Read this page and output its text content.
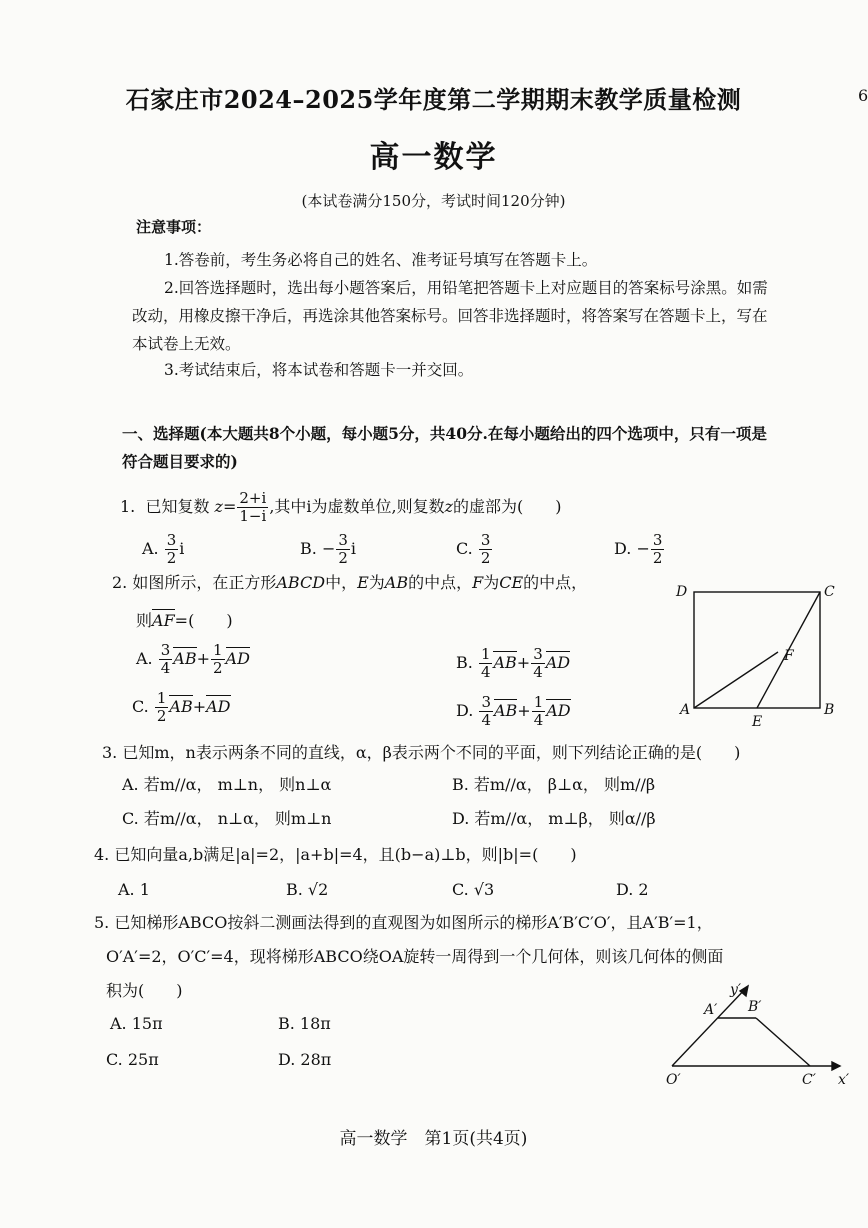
石家庄市2024–2025学年度第二学期期末教学质量检测	6
高一数学
(本试卷满分150分，考试时间120分钟)
注意事项：
1.答卷前，考生务必将自己的姓名、准考证号填写在答题卡上。
2.回答选择题时，选出每小题答案后，用铅笔把答题卡上对应题目的答案标号涂黑。如需
改动，用橡皮擦干净后，再选涂其他答案标号。回答非选择题时，将答案写在答题卡上，写在
本试卷上无效。
3.考试结束后，将本试卷和答题卡一并交回。
一、选择题(本大题共8个小题，每小题5分，共40分.在每小题给出的四个选项中，只有一项是
符合题目要求的)
1. 已知复数 $z= \frac{2+i}{1-i}$ ,其中i为虚数单位,则复数z的虚部为(　　)
A. $\frac{3}{2}$ i	B. − $\frac{3}{2}$ i	C. $\frac{3}{2}$	D. − $\frac{3}{2}$
2. 如图所示，在正方形ABCD中，E为AB的中点，F为CE的中点，
则AF=(　　)
A. $\frac{3}{4} AB+ \frac{1}{2}$ AD	B. $\frac{1}{4} AB+ \frac{3}{4}$ AD
C. $\frac{1}{2} AB+AD$	D. $\frac{3}{4} AB+ \frac{1}{4}$ AD
D	C
A	B
E
F
3. 已知m，n表示两条不同的直线，α，β表示两个不同的平面，则下列结论正确的是(　　)
A. 若m//α， m⊥n， 则n⊥α	B. 若m//α， β⊥α， 则m//β
C. 若m//α， n⊥α， 则m⊥n	D. 若m//α， m⊥β， 则α//β
4. 已知向量a,b满足|a|=2，|a+b|=4，且(b−a)⊥b，则|b|=(　　)
A. 1	B. √2	C. √3	D. 2
5. 已知梯形ABCO按斜二测画法得到的直观图为如图所示的梯形A′B′C′O′，且A′B′=1，
O′A′=2，O′C′=4，现将梯形ABCO绕OA旋转一周得到一个几何体，则该几何体的侧面
积为(　　)
A. 15π	B. 18π
C. 25π	D. 28π
y′
x′
A′ B′
O′	C′
高一数学　第1页(共4页)
